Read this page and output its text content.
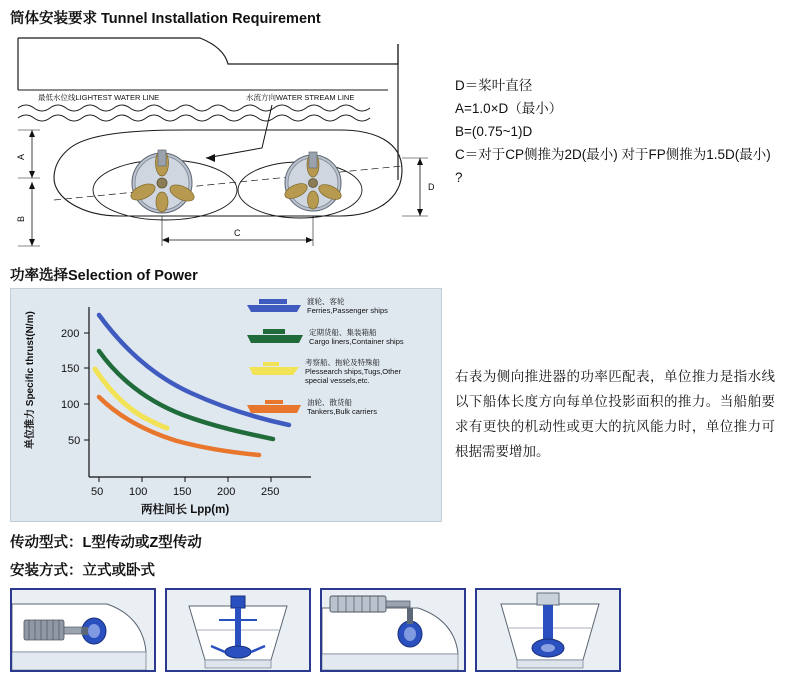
筒体安装要求 Tunnel Installation Requirement
最低水位线LIGHTEST WATER LINE	水流方向WATER STREAM LINE
A
B
D
C
D＝桨叶直径
A=1.0×D（最小）
B=(0.75~1)D
C＝对于CP侧推为2D(最小) 对于FP侧推为1.5D(最小)
?
功率选择Selection of Power
200
150
100
50
50 100 150 200 250
两柱间长 Lpp(m)
单位推力 Specific thrust(N/m)
渡轮、客轮
Ferries,Passenger ships
定期货船、集装箱船
Cargo liners,Container ships
考察船、拖轮及特殊船
Plessearch ships,Tugs,Other
special vessels,etc.
油轮、散货船
Tankers,Bulk carriers
右表为侧向推进器的功率匹配表，单位推力是指水线以下船体长度方向每单位投影面积的推力。当船舶要求有更快的机动性或更大的抗风能力时，单位推力可根据需要增加。
传动型式：L型传动或Z型传动
安装方式：立式或卧式
